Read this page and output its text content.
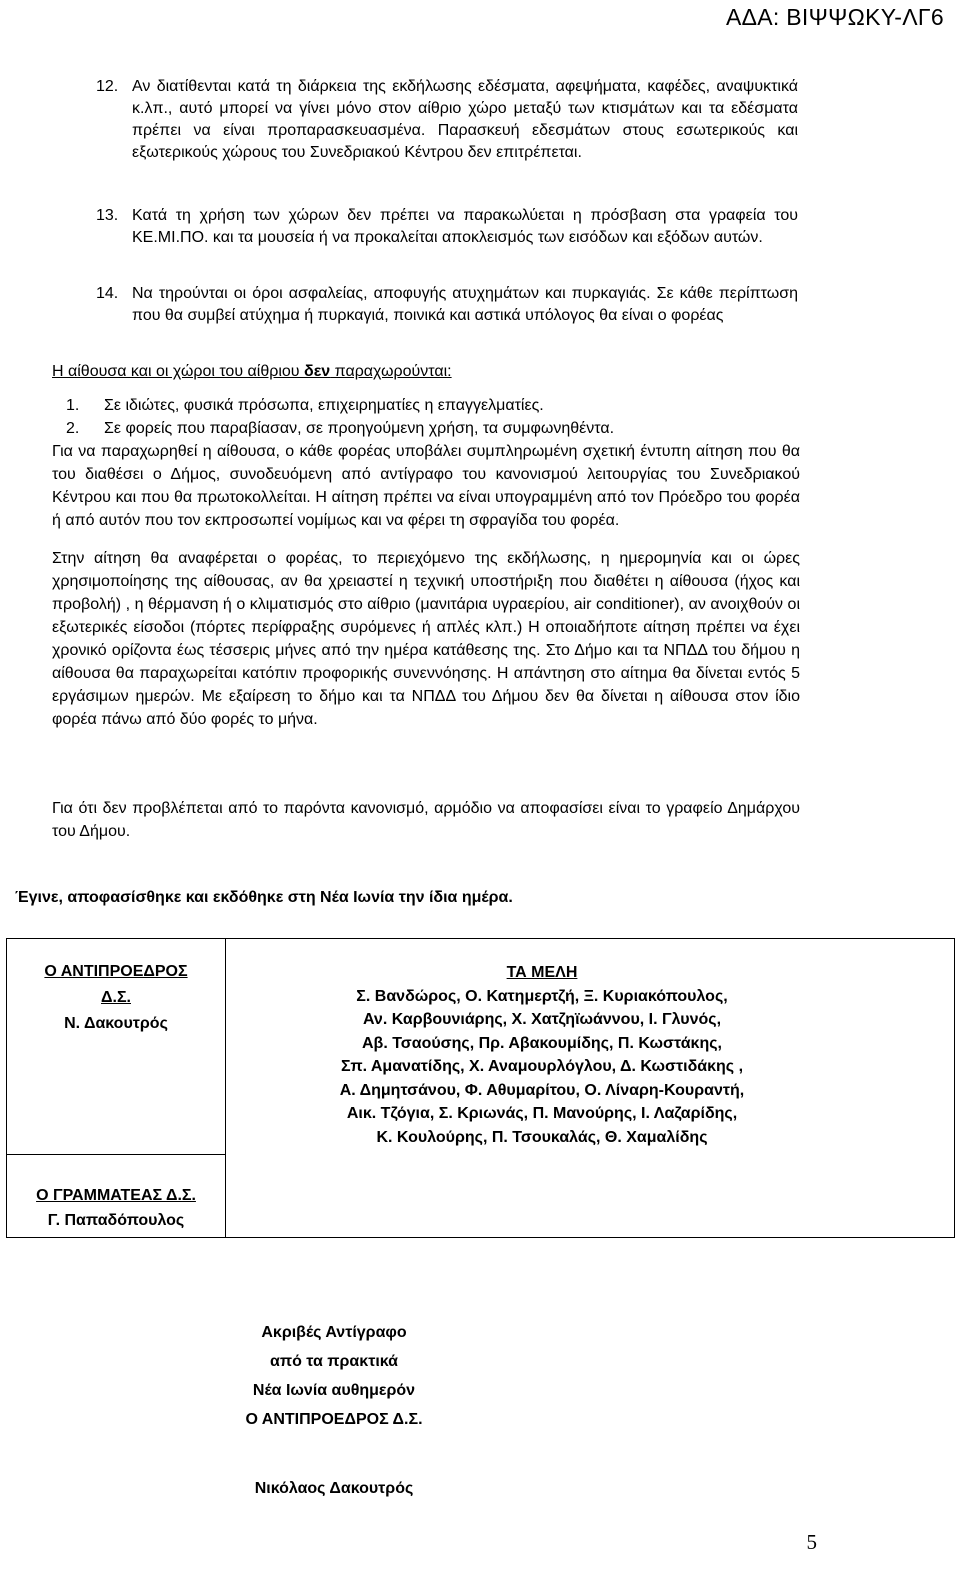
ΑΔΑ: ΒΙΨΨΩΚΥ-ΛΓ6
12. Αν διατίθενται κατά τη διάρκεια της εκδήλωσης εδέσματα, αφεψήματα, καφέδες, αναψυκτικά κ.λπ., αυτό μπορεί να γίνει μόνο στον αίθριο χώρο μεταξύ των κτισμάτων και τα εδέσματα πρέπει να είναι προπαρασκευασμένα. Παρασκευή εδεσμάτων στους εσωτερικούς και εξωτερικούς χώρους του Συνεδριακού Κέντρου δεν επιτρέπεται.
13. Κατά τη χρήση των χώρων δεν πρέπει να παρακωλύεται η πρόσβαση στα γραφεία του ΚΕ.ΜΙ.ΠΟ. και τα μουσεία ή να προκαλείται αποκλεισμός των εισόδων και εξόδων αυτών.
14. Να τηρούνται οι όροι ασφαλείας, αποφυγής ατυχημάτων και πυρκαγιάς. Σε κάθε περίπτωση που θα συμβεί ατύχημα ή πυρκαγιά, ποινικά και αστικά υπόλογος θα είναι ο φορέας
Η αίθουσα και οι χώροι του αίθριου δεν παραχωρούνται:
1. Σε ιδιώτες, φυσικά πρόσωπα, επιχειρηματίες η επαγγελματίες.
2. Σε φορείς που παραβίασαν, σε προηγούμενη χρήση, τα συμφωνηθέντα.
Για να παραχωρηθεί η αίθουσα, ο κάθε φορέας υποβάλει συμπληρωμένη σχετική έντυπη αίτηση που θα του διαθέσει ο Δήμος, συνοδευόμενη από αντίγραφο του κανονισμού λειτουργίας του Συνεδριακού Κέντρου και που θα πρωτοκολλείται. Η αίτηση πρέπει να είναι υπογραμμένη από τον Πρόεδρο του φορέα ή από αυτόν που τον εκπροσωπεί νομίμως και να φέρει τη σφραγίδα του φορέα.
Στην αίτηση θα αναφέρεται ο φορέας, το περιεχόμενο της εκδήλωσης, η ημερομηνία και οι ώρες χρησιμοποίησης της αίθουσας, αν θα χρειαστεί η τεχνική υποστήριξη που διαθέτει η αίθουσα (ήχος και προβολή) , η θέρμανση ή ο κλιματισμός στο αίθριο (μανιτάρια υγραερίου, air conditioner), αν ανοιχθούν οι εξωτερικές είσοδοι (πόρτες περίφραξης συρόμενες ή απλές κλπ.) Η οποιαδήποτε αίτηση πρέπει να έχει χρονικό ορίζοντα έως τέσσερις μήνες από την ημέρα κατάθεσης της. Στο Δήμο και τα ΝΠΔΔ του δήμου η αίθουσα θα παραχωρείται κατόπιν προφορικής συνεννόησης. Η απάντηση στο αίτημα θα δίνεται εντός 5 εργάσιμων ημερών. Με εξαίρεση το δήμο και τα ΝΠΔΔ του Δήμου δεν θα δίνεται η αίθουσα στον ίδιο φορέα πάνω από δύο φορές το μήνα.
Για ότι δεν προβλέπεται από το παρόντα κανονισμό, αρμόδιο να αποφασίσει είναι το γραφείο Δημάρχου του Δήμου.
Έγινε, αποφασίσθηκε και εκδόθηκε στη Νέα Ιωνία την ίδια ημέρα.
Ο ΑΝΤΙΠΡΟΕΔΡΟΣ
Δ.Σ.
Ν. Δακουτρός

ΤΑ ΜΕΛΗ
Σ. Βανδώρος, Ο. Κατημερτζή, Ξ. Κυριακόπουλος,
Αν. Καρβουνιάρης, Χ. Χατζηϊωάννου, Ι. Γλυνός,
Αβ. Τσαούσης, Πρ. Αβακουμίδης, Π. Κωστάκης,
Σπ. Αμανατίδης, Χ. Αναμουρλόγλου, Δ. Κωστιδάκης ,
Α. Δημητσάνου, Φ. Αθυμαρίτου, Ο. Λίναρη-Κουραντή,
Αικ. Τζόγια, Σ. Κριωνάς, Π. Μανούρης, Ι. Λαζαρίδης,
Κ. Κουλούρης, Π. Τσουκαλάς, Θ. Χαμαλίδης

Ο ΓΡΑΜΜΑΤΕΑΣ Δ.Σ.
Γ. Παπαδόπουλος
Ακριβές Αντίγραφο
από τα πρακτικά
Νέα Ιωνία αυθημερόν
Ο ΑΝΤΙΠΡΟΕΔΡΟΣ Δ.Σ.
Νικόλαος Δακουτρός
5
